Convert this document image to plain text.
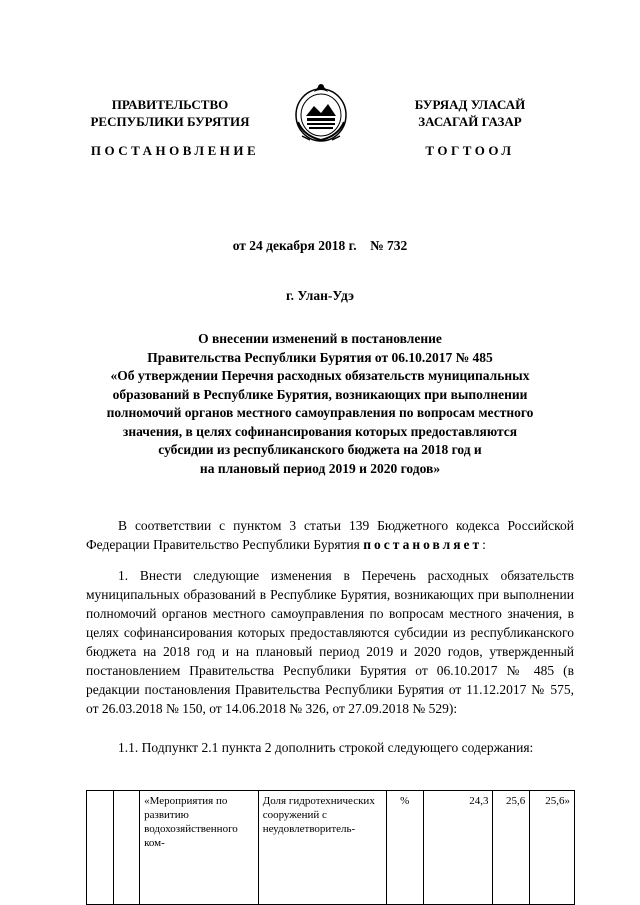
ПРАВИТЕЛЬСТВО
РЕСПУБЛИКИ БУРЯТИЯ
БУРЯАД УЛАСАЙ
ЗАСАГАЙ ГАЗАР
ПОСТАНОВЛЕНИЕ	ТОГТООЛ
от 24 декабря 2018 г.    № 732
г. Улан-Удэ
О внесении изменений в постановление
Правительства Республики Бурятия от 06.10.2017 № 485
«Об утверждении Перечня расходных обязательств муниципальных
образований в Республике Бурятия, возникающих при выполнении
полномочий органов местного самоуправления по вопросам местного
значения, в целях софинансирования которых предоставляются
субсидии из республиканского бюджета на 2018 год и
на плановый период 2019 и 2020 годов»
В соответствии с пунктом 3 статьи 139 Бюджетного кодекса Российской Федерации Правительство Республики Бурятия постановляет:
1. Внести следующие изменения в Перечень расходных обязательств муниципальных образований в Республике Бурятия, возникающих при выполнении полномочий органов местного самоуправления по вопросам местного значения, в целях софинансирования которых предоставляются субсидии из республиканского бюджета на 2018 год и на плановый период 2019 и 2020 годов, утвержденный постановлением Правительства Республики Бурятия от 06.10.2017 № 485 (в редакции постановления Правительства Республики Бурятия от 11.12.2017 № 575, от 26.03.2018 № 150, от 14.06.2018 № 326, от 27.09.2018 № 529):
1.1. Подпункт 2.1 пункта 2 дополнить строкой следующего содержания:
		«Мероприятия по развитию водохозяйственного ком-	Доля гидротехнических сооружений с неудовлетворитель-	%	24,3	25,6	25,6»
